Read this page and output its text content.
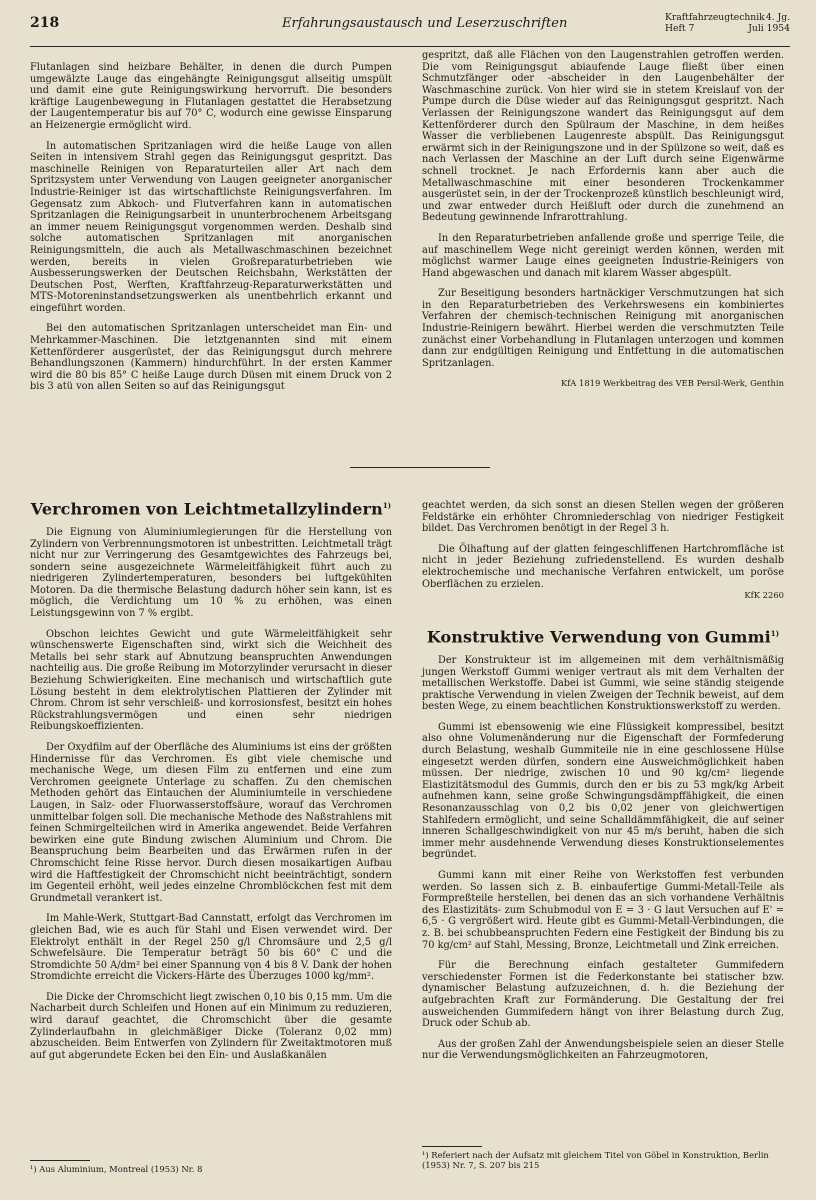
218	Erfahrungsaustausch und Leserzuschriften	Kraftfahrzeugtechnik 4. Jg.
Heft 7	Juli 1954

Flutanlagen sind heizbare Behälter, in denen die durch Pumpen umgewälzte Lauge das eingehängte Reinigungsgut allseitig umspült und damit eine gute Reinigungswirkung hervorruft. Die besonders kräftige Laugenbewegung in Flutanlagen gestattet die Herabsetzung der Laugentemperatur bis auf 70° C, wodurch eine gewisse Einsparung an Heizenergie ermöglicht wird.

In automatischen Spritzanlagen wird die heiße Lauge von allen Seiten in intensivem Strahl gegen das Reinigungsgut gespritzt. Das maschinelle Reinigen von Reparaturteilen aller Art nach dem Spritzsystem unter Verwendung von Laugen geeigneter anorganischer Industrie-Reiniger ist das wirtschaftlichste Reinigungsverfahren. Im Gegensatz zum Abkoch- und Flutverfahren kann in automatischen Spritzanlagen die Reinigungsarbeit in ununterbrochenem Arbeitsgang an immer neuem Reinigungsgut vorgenommen werden. Deshalb sind solche automatischen Spritzanlagen mit anorganischen Reinigungsmitteln, die auch als Metallwaschmaschinen bezeichnet werden, bereits in vielen Großreparaturbetrieben wie Ausbesserungswerken der Deutschen Reichsbahn, Werkstätten der Deutschen Post, Werften, Kraftfahrzeug-Reparaturwerkstätten und MTS-Motoreninstandsetzungswerken als unentbehrlich erkannt und eingeführt worden.

Bei den automatischen Spritzanlagen unterscheidet man Ein- und Mehrkammer-Maschinen. Die letztgenannten sind mit einem Kettenförderer ausgerüstet, der das Reinigungsgut durch mehrere Behandlungszonen (Kammern) hindurchführt. In der ersten Kammer wird die 80 bis 85° C heiße Lauge durch Düsen mit einem Druck von 2 bis 3 atü von allen Seiten so auf das Reinigungsgut

gespritzt, daß alle Flächen von den Laugenstrahlen getroffen werden. Die vom Reinigungsgut abiaufende Lauge fließt über einen Schmutzfänger oder -abscheider in den Laugenbehälter der Waschmaschine zurück. Von hier wird sie in stetem Kreislauf von der Pumpe durch die Düse wieder auf das Reinigungsgut gespritzt. Nach Verlassen der Reinigungszone wandert das Reinigungsgut auf dem Kettenförderer durch den Spülraum der Maschine, in dem heißes Wasser die verbliebenen Laugenreste abspült. Das Reinigungsgut erwärmt sich in der Reinigungszone und in der Spülzone so weit, daß es nach Verlassen der Maschine an der Luft durch seine Eigenwärme schnell trocknet. Je nach Erfordernis kann aber auch die Metallwaschmaschine mit einer besonderen Trockenkammer ausgerüstet sein, in der der Trockenprozeß künstlich beschleunigt wird, und zwar entweder durch Heißluft oder durch die zunehmend an Bedeutung gewinnende Infrarottrahlung.

In den Reparaturbetrieben anfallende große und sperrige Teile, die auf maschinellem Wege nicht gereinigt werden können, werden mit möglichst warmer Lauge eines geeigneten Industrie-Reinigers von Hand abgewaschen und danach mit klarem Wasser abgespült.

Zur Beseitigung besonders hartnäckiger Verschmutzungen hat sich in den Reparaturbetrieben des Verkehrswesens ein kombiniertes Verfahren der chemisch-technischen Reinigung mit anorganischen Industrie-Reinigern bewährt. Hierbei werden die verschmutzten Teile zunächst einer Vorbehandlung in Flutanlagen unterzogen und kommen dann zur endgültigen Reinigung und Entfettung in die automatischen Spritzanlagen.

KfA 1819 Werkbeitrag des VEB Persil-Werk, Genthin

Verchromen von Leichtmetallzylindern$^{1)}$

Die Eignung von Aluminiumlegierungen für die Herstellung von Zylindern von Verbrennungsmotoren ist unbestritten. Leichtmetall trägt nicht nur zur Verringerung des Gesamtgewichtes des Fahrzeugs bei, sondern seine ausgezeichnete Wärmeleitfähigkeit führt auch zu niedrigeren Zylindertemperaturen, besonders bei luftgekühlten Motoren. Da die thermische Belastung dadurch höher sein kann, ist es möglich, die Verdichtung um 10 % zu erhöhen, was einen Leistungsgewinn von 7 % ergibt.

Obschon leichtes Gewicht und gute Wärmeleitfähigkeit sehr wünschenswerte Eigenschaften sind, wirkt sich die Weichheit des Metalls bei sehr stark auf Abnutzung beanspruchten Anwendungen nachteilig aus. Die große Reibung im Motorzylinder verursacht in dieser Beziehung Schwierigkeiten. Eine mechanisch und wirtschaftlich gute Lösung besteht in dem elektrolytischen Plattieren der Zylinder mit Chrom. Chrom ist sehr verschleiß- und korrosionsfest, besitzt ein hohes Rückstrahlungsvermögen und einen sehr niedrigen Reibungskoeffizienten.

Der Oxydfilm auf der Oberfläche des Aluminiums ist eins der größten Hindernisse für das Verchromen. Es gibt viele chemische und mechanische Wege, um diesen Film zu entfernen und eine zum Verchromen geeignete Unterlage zu schaffen. Zu den chemischen Methoden gehört das Eintauchen der Aluminiumteile in verschiedene Laugen, in Salz- oder Fluorwasserstoffsäure, worauf das Verchromen unmittelbar folgen soll. Die mechanische Methode des Naßstrahlens mit feinen Schmirgelteilchen wird in Amerika angewendet. Beide Verfahren bewirken eine gute Bindung zwischen Aluminium und Chrom. Die Beanspruchung beim Bearbeiten und das Erwärmen rufen in der Chromschicht feine Risse hervor. Durch diesen mosaikartigen Aufbau wird die Haftfestigkeit der Chromschicht nicht beeinträchtigt, sondern im Gegenteil erhöht, weil jedes einzelne Chromblöckchen fest mit dem Grundmetall verankert ist.

Im Mahle-Werk, Stuttgart-Bad Cannstatt, erfolgt das Verchromen im gleichen Bad, wie es auch für Stahl und Eisen verwendet wird. Der Elektrolyt enthält in der Regel 250 g/l Chromsäure und 2,5 g/l Schwefelsäure. Die Temperatur beträgt 50 bis 60° C und die Stromdichte 50 A/dm² bei einer Spannung von 4 bis 8 V. Dank der hohen Stromdichte erreicht die Vickers-Härte des Überzuges 1000 kg/mm².

Die Dicke der Chromschicht liegt zwischen 0,10 bis 0,15 mm. Um die Nacharbeit durch Schleifen und Honen auf ein Minimum zu reduzieren, wird darauf geachtet, die Chromschicht über die gesamte Zylinderlaufbahn in gleichmäßiger Dicke (Toleranz 0,02 mm) abzuscheiden. Beim Entwerfen von Zylindern für Zweitaktmotoren muß auf gut abgerundete Ecken bei den Ein- und Auslaßkanälen

geachtet werden, da sich sonst an diesen Stellen wegen der größeren Feldstärke ein erhöhter Chromniederschlag von niedriger Festigkeit bildet. Das Verchromen benötigt in der Regel 3 h.

Die Ölhaftung auf der glatten feingeschliffenen Hartchromfläche ist nicht in jeder Beziehung zufriedenstellend. Es wurden deshalb elektrochemische und mechanische Verfahren entwickelt, um poröse Oberflächen zu erzielen.

KfK 2260

Konstruktive Verwendung von Gummi$^{1)}$

Der Konstrukteur ist im allgemeinen mit dem verhältnismäßig jungen Werkstoff Gummi weniger vertraut als mit dem Verhalten der metallischen Werkstoffe. Dabei ist Gummi, wie seine ständig steigende praktische Verwendung in vielen Zweigen der Technik beweist, auf dem besten Wege, zu einem beachtlichen Konstruktionswerkstoff zu werden.

Gummi ist ebensowenig wie eine Flüssigkeit kompressibel, besitzt also ohne Volumenänderung nur die Eigenschaft der Formfederung durch Belastung, weshalb Gummiteile nie in eine geschlossene Hülse eingesetzt werden dürfen, sondern eine Ausweichmöglichkeit haben müssen. Der niedrige, zwischen 10 und 90 kg/cm² liegende Elastizitätsmodul des Gummis, durch den er bis zu 53 mgk/kg Arbeit aufnehmen kann, seine große Schwingungsdämpffähigkeit, die einen Resonanzausschlag von 0,2 bis 0,02 jener von gleichwertigen Stahlfedern ermöglicht, und seine Schalldämmfähigkeit, die auf seiner inneren Schallgeschwindigkeit von nur 45 m/s beruht, haben die sich immer mehr ausdehnende Verwendung dieses Konstruktionselementes begründet.

Gummi kann mit einer Reihe von Werkstoffen fest verbunden werden. So lassen sich z. B. einbaufertige Gummi-Metall-Teile als Formpreßteile herstellen, bei denen das an sich vorhandene Verhältnis des Elastizitäts- zum Schubmodul von E = 3 · G laut Versuchen auf E' = 6,5 · G vergrößert wird. Heute gibt es Gummi-Metall-Verbindungen, die z. B. bei schubbeanspruchten Federn eine Festigkeit der Bindung bis zu 70 kg/cm² auf Stahl, Messing, Bronze, Leichtmetall und Zink erreichen.

Für die Berechnung einfach gestalteter Gummifedern verschiedenster Formen ist die Federkonstante bei statischer bzw. dynamischer Belastung aufzuzeichnen, d. h. die Beziehung der aufgebrachten Kraft zur Formänderung. Die Gestaltung der frei ausweichenden Gummifedern hängt von ihrer Belastung durch Zug, Druck oder Schub ab.

Aus der großen Zahl der Anwendungsbeispiele seien an dieser Stelle nur die Verwendungsmöglichkeiten an Fahrzeugmotoren,

¹) Aus Aluminium, Montreal (1953) Nr. 8
¹) Referiert nach der Aufsatz mit gleichem Titel von Göbel in Konstruktion, Berlin (1953) Nr. 7, S. 207 bis 215
